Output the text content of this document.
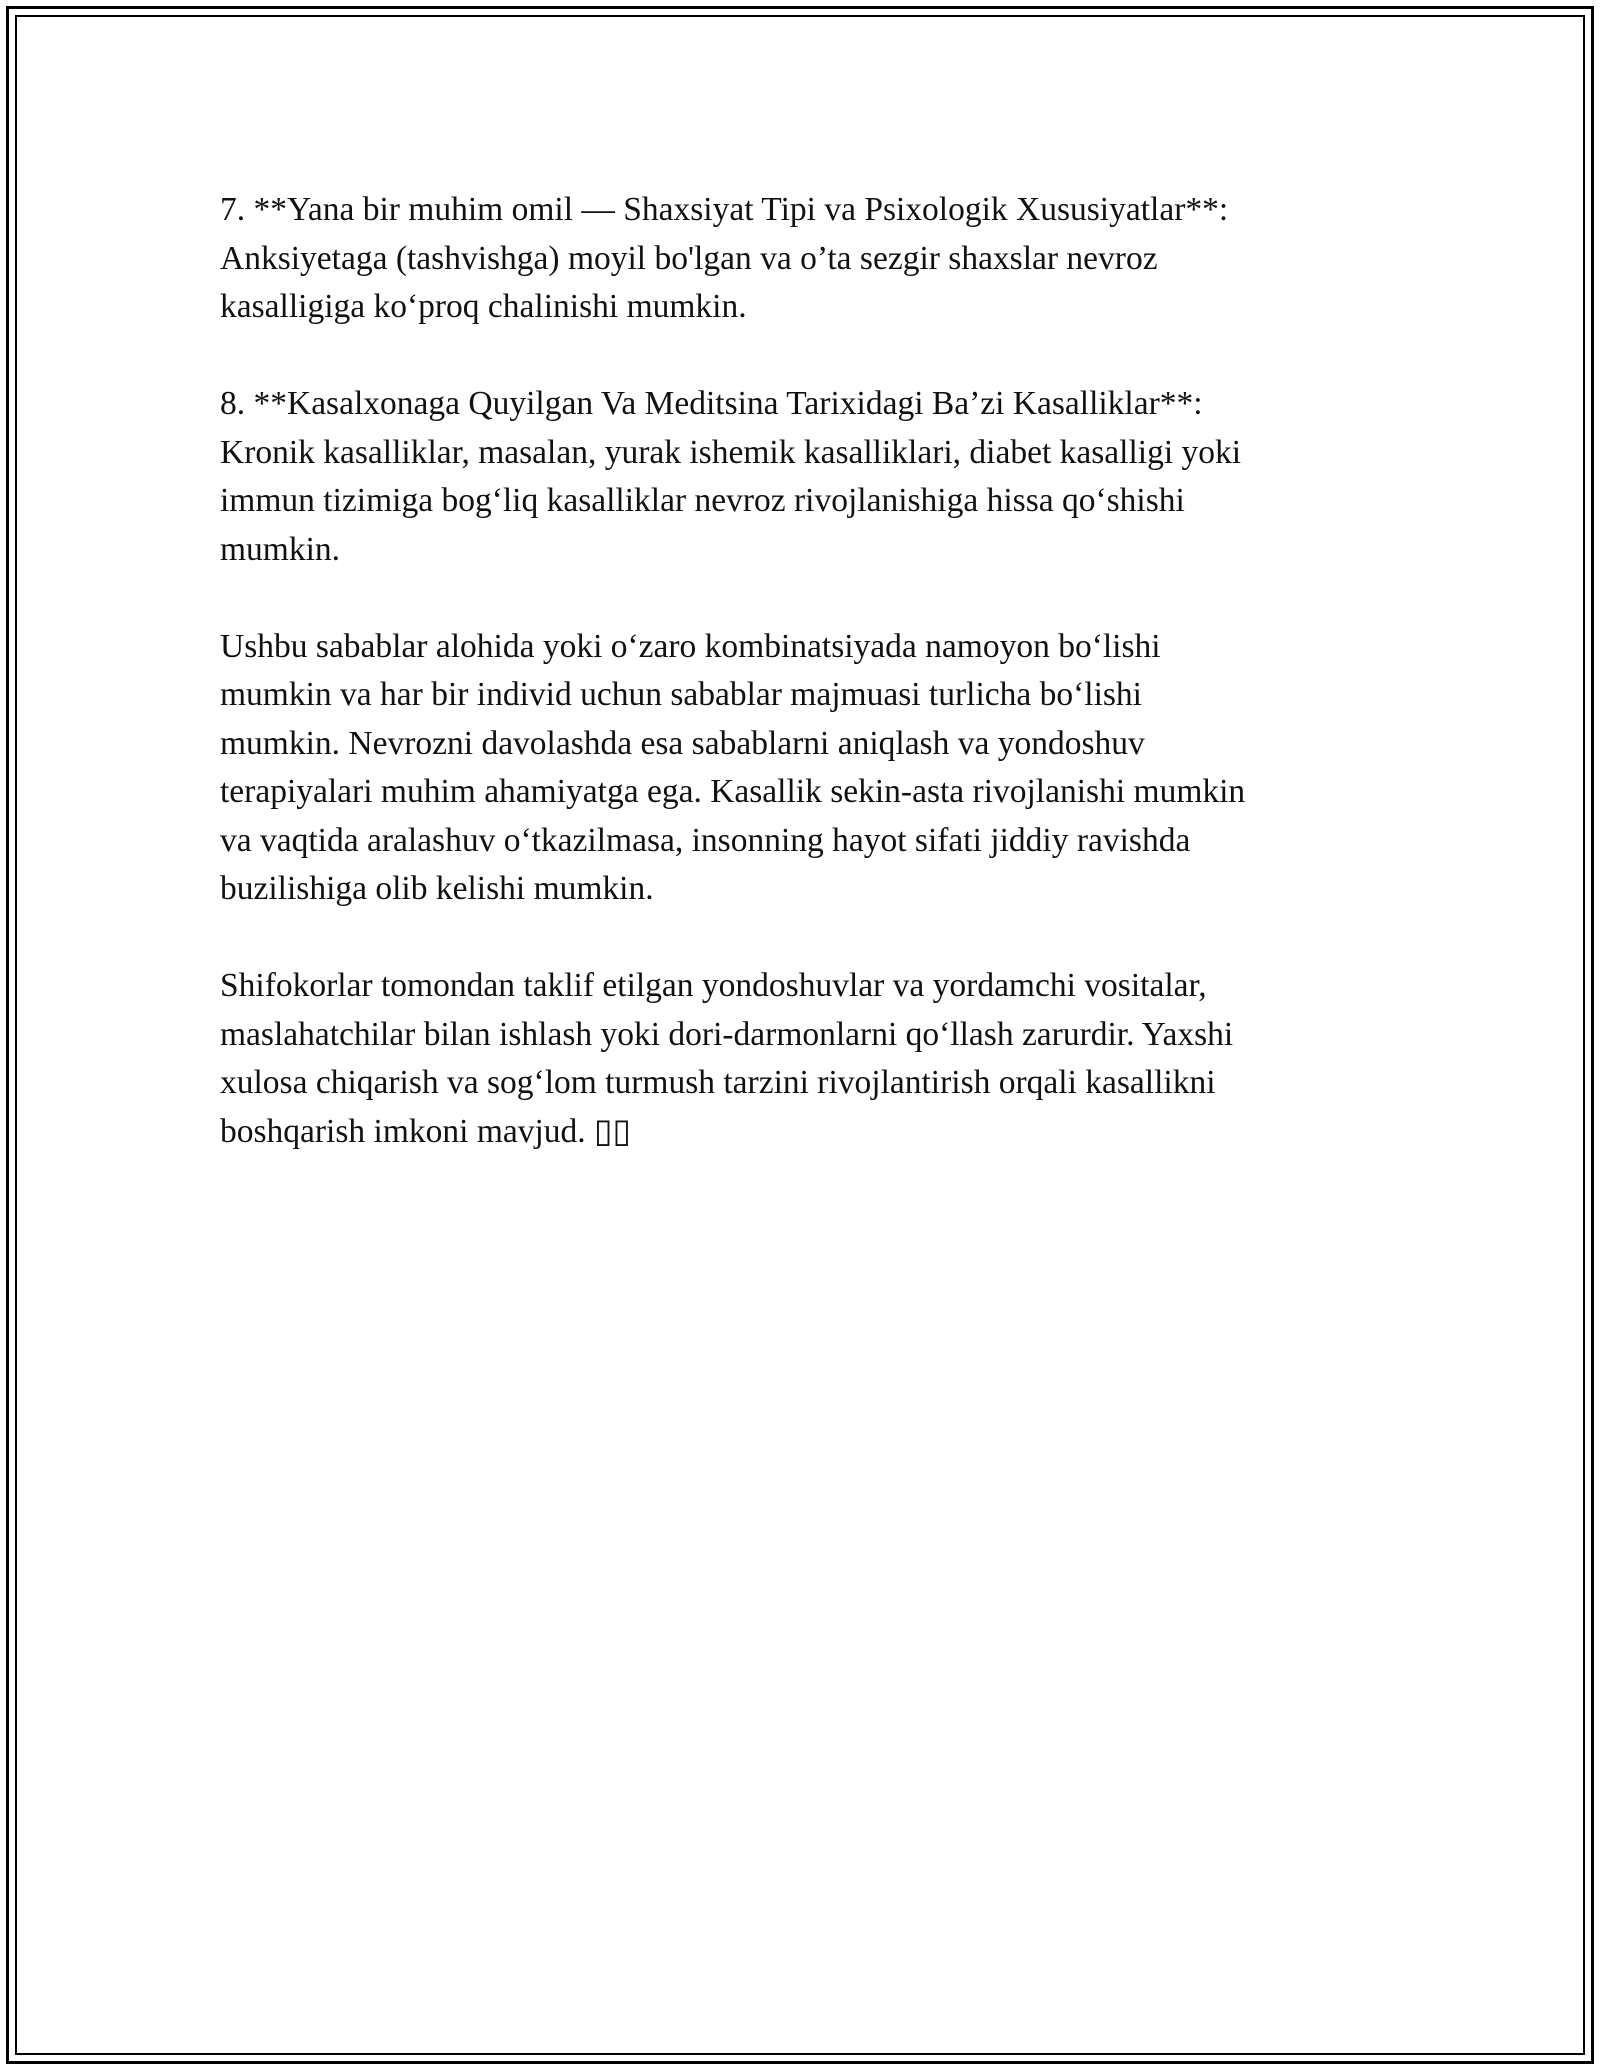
7. **Yana bir muhim omil — Shaxsiyat Tipi va Psixologik Xususiyatlar**:
Anksiyetaga (tashvishga) moyil bo'lgan va o’ta sezgir shaxslar nevroz
kasalligiga ko‘proq chalinishi mumkin.

8. **Kasalxonaga Quyilgan Va Meditsina Tarixidagi Ba’zi Kasalliklar**:
Kronik kasalliklar, masalan, yurak ishemik kasalliklari, diabet kasalligi yoki
immun tizimiga bog‘liq kasalliklar nevroz rivojlanishiga hissa qo‘shishi
mumkin.

Ushbu sabablar alohida yoki o‘zaro kombinatsiyada namoyon bo‘lishi
mumkin va har bir individ uchun sabablar majmuasi turlicha bo‘lishi
mumkin. Nevrozni davolashda esa sabablarni aniqlash va yondoshuv
terapiyalari muhim ahamiyatga ega. Kasallik sekin-asta rivojlanishi mumkin
va vaqtida aralashuv o‘tkazilmasa, insonning hayot sifati jiddiy ravishda
buzilishiga olib kelishi mumkin.

Shifokorlar tomondan taklif etilgan yondoshuvlar va yordamchi vositalar,
maslahatchilar bilan ishlash yoki dori-darmonlarni qo‘llash zarurdir. Yaxshi
xulosa chiqarish va sog‘lom turmush tarzini rivojlantirish orqali kasallikni
boshqarish imkoni mavjud. ▯▯
